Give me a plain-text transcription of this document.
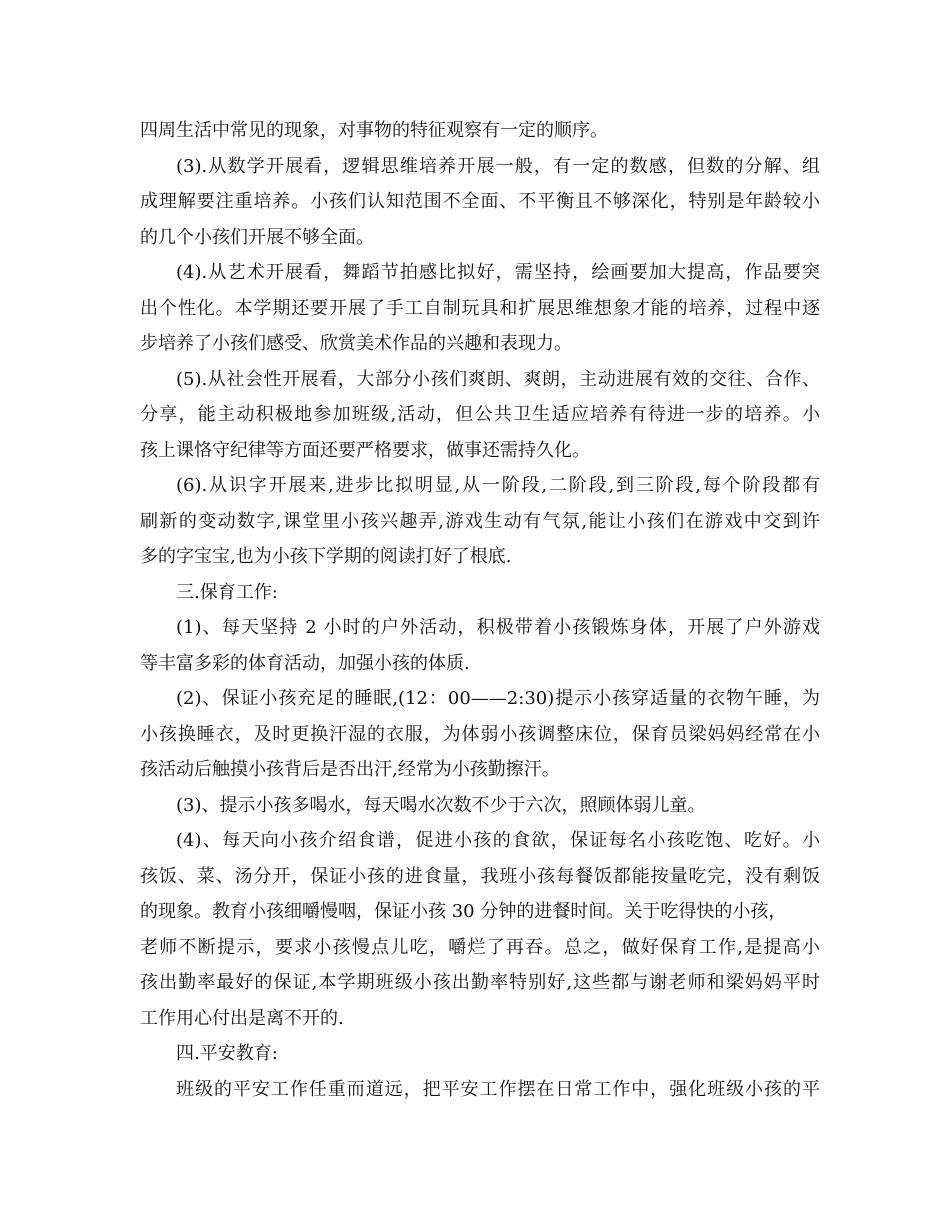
四周生活中常见的现象，对事物的特征观察有一定的顺序。
(3).从数学开展看，逻辑思维培养开展一般，有一定的数感，但数的分解、组
成理解要注重培养。小孩们认知范围不全面、不平衡且不够深化，特别是年龄较小
的几个小孩们开展不够全面。
(4).从艺术开展看，舞蹈节拍感比拟好，需坚持，绘画要加大提高，作品要突
出个性化。本学期还要开展了手工自制玩具和扩展思维想象才能的培养，过程中逐
步培养了小孩们感受、欣赏美术作品的兴趣和表现力。
(5).从社会性开展看，大部分小孩们爽朗、爽朗，主动进展有效的交往、合作、
分享，能主动积极地参加班级,活动，但公共卫生适应培养有待进一步的培养。小
孩上课恪守纪律等方面还要严格要求，做事还需持久化。
(6).从识字开展来,进步比拟明显,从一阶段,二阶段,到三阶段,每个阶段都有
刷新的变动数字,课堂里小孩兴趣弄,游戏生动有气氛,能让小孩们在游戏中交到许
多的字宝宝,也为小孩下学期的阅读打好了根底.
三.保育工作:
(1)、每天坚持 2 小时的户外活动，积极带着小孩锻炼身体，开展了户外游戏
等丰富多彩的体育活动，加强小孩的体质.
(2)、保证小孩充足的睡眠,(12：00——2:30)提示小孩穿适量的衣物午睡，为
小孩换睡衣，及时更换汗湿的衣服，为体弱小孩调整床位，保育员梁妈妈经常在小
孩活动后触摸小孩背后是否出汗,经常为小孩勤擦汗。
(3)、提示小孩多喝水，每天喝水次数不少于六次，照顾体弱儿童。
(4)、每天向小孩介绍食谱，促进小孩的食欲，保证每名小孩吃饱、吃好。小
孩饭、菜、汤分开，保证小孩的进食量，我班小孩每餐饭都能按量吃完，没有剩饭
的现象。教育小孩细嚼慢咽，保证小孩 30 分钟的进餐时间。关于吃得快的小孩，
老师不断提示，要求小孩慢点儿吃，嚼烂了再吞。总之，做好保育工作,是提高小
孩出勤率最好的保证,本学期班级小孩出勤率特别好,这些都与谢老师和梁妈妈平时
工作用心付出是离不开的.
四.平安教育:
班级的平安工作任重而道远，把平安工作摆在日常工作中，强化班级小孩的平
